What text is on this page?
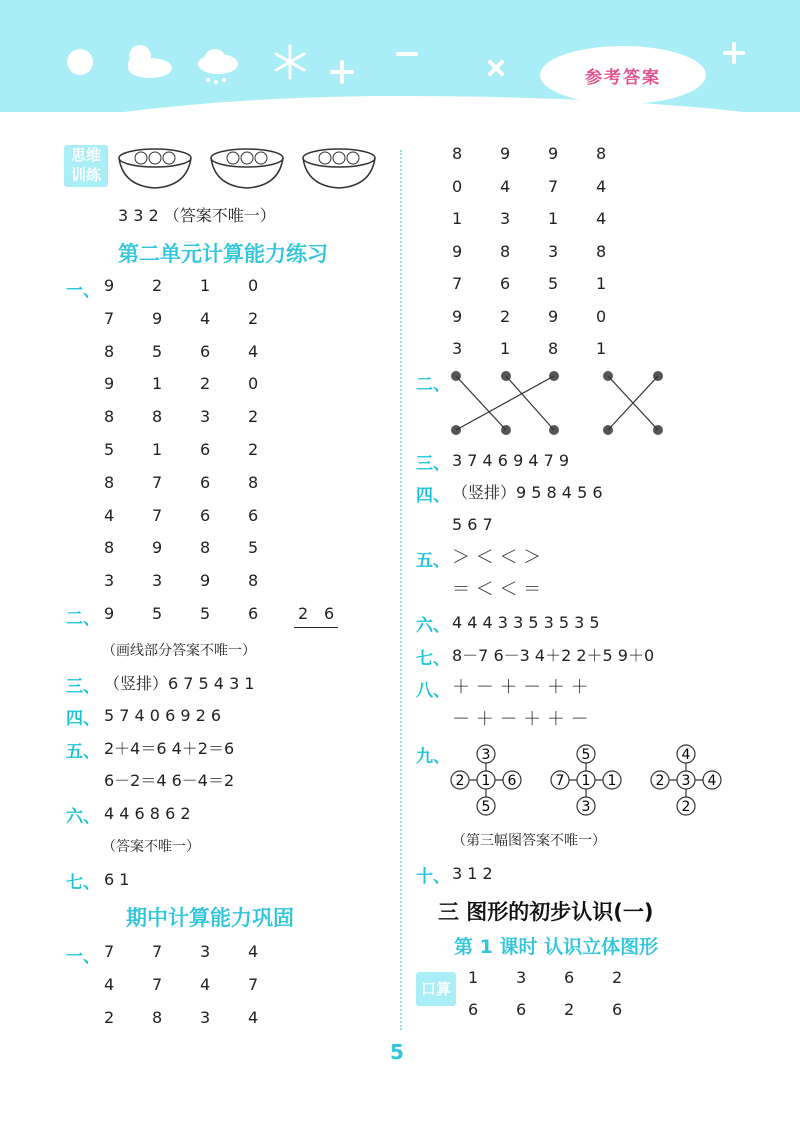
参考答案
思维
训练
3 3 2 （答案不唯一）
第二单元计算能力练习
一、 9 2 1 0
7 9 4 2
8 5 6 4
9 1 2 0
8 8 3 2
5 1 6 2
8 7 6 8
4 7 6 6
8 9 8 5
3 3 9 8
二、 9 5 5 6 2 6
（画线部分答案不唯一）
三、 （竖排）6 7 5 4 3 1
四、 5 7 4 0 6 9 2 6
五、 2＋4＝6 4＋2＝6
6－2＝4 6－4＝2
六、 4 4 6 8 6 2
（答案不唯一）
七、 6 1
期中计算能力巩固
一、 7 7 3 4
4 7 4 7
2 8 3 4
8 9 9 8
0 4 7 4
1 3 1 4
9 8 3 8
7 6 5 1
9 2 9 0
3 1 8 1
二、
三、 3 7 4 6 9 4 7 9
四、 （竖排）9 5 8 4 5 6
5 6 7
五、 ＞ ＜ ＜ ＞
＝ ＜ ＜ ＝
六、 4 4 4 3 3 5 3 5 3 5
七、 8－7 6－3 4＋2 2＋5 9＋0
八、 ＋ － ＋ － ＋ ＋
－ ＋ － ＋ ＋ －
九、 3
5
2	6
1
5
3
7	1
1
4
2
2	4
3
（第三幅图答案不唯一）
十、 3 1 2
三 图形的初步认识(一)
第 1 课时 认识立体图形
口算
1 3 6 2
6 6 2 6
5
